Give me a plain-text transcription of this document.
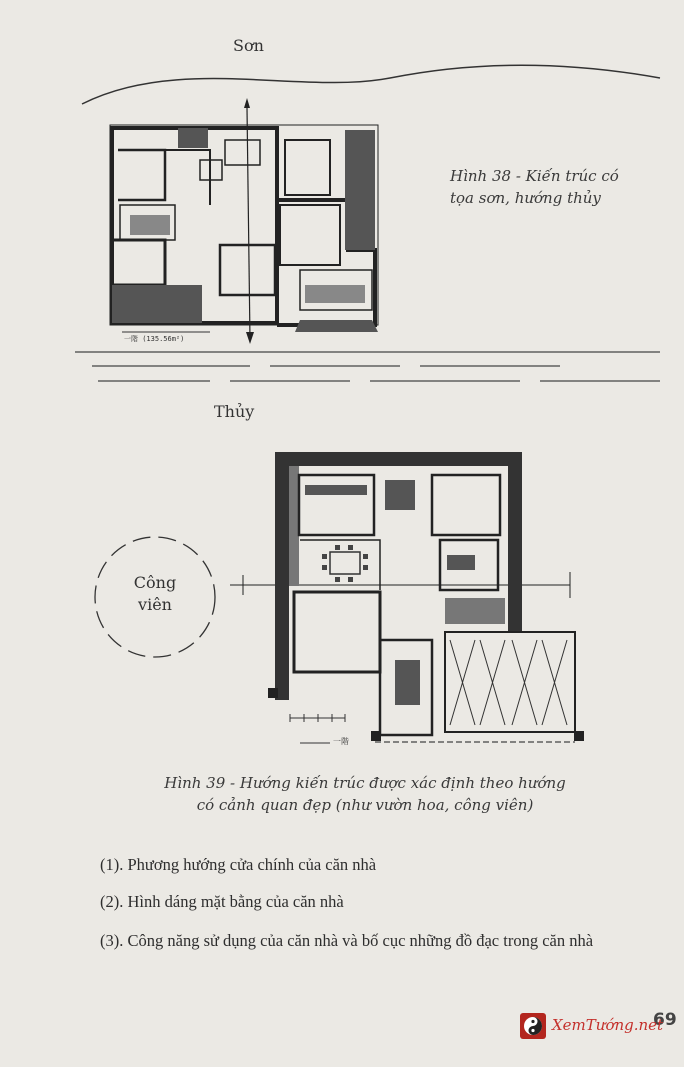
Sơn
一階 (135.56m²)
Hình 38 - Kiến trúc có
tọa sơn, hướng thủy
Thủy
一階
Công
viên
Hình 39 - Hướng kiến trúc được xác định theo hướng
có cảnh quan đẹp (như vườn hoa, công viên)
(1). Phương hướng cửa chính của căn nhà
(2). Hình dáng mặt bằng của căn nhà
(3). Công năng sử dụng của căn nhà và bố cục những đồ đạc trong căn nhà
69
XemTướng.net
